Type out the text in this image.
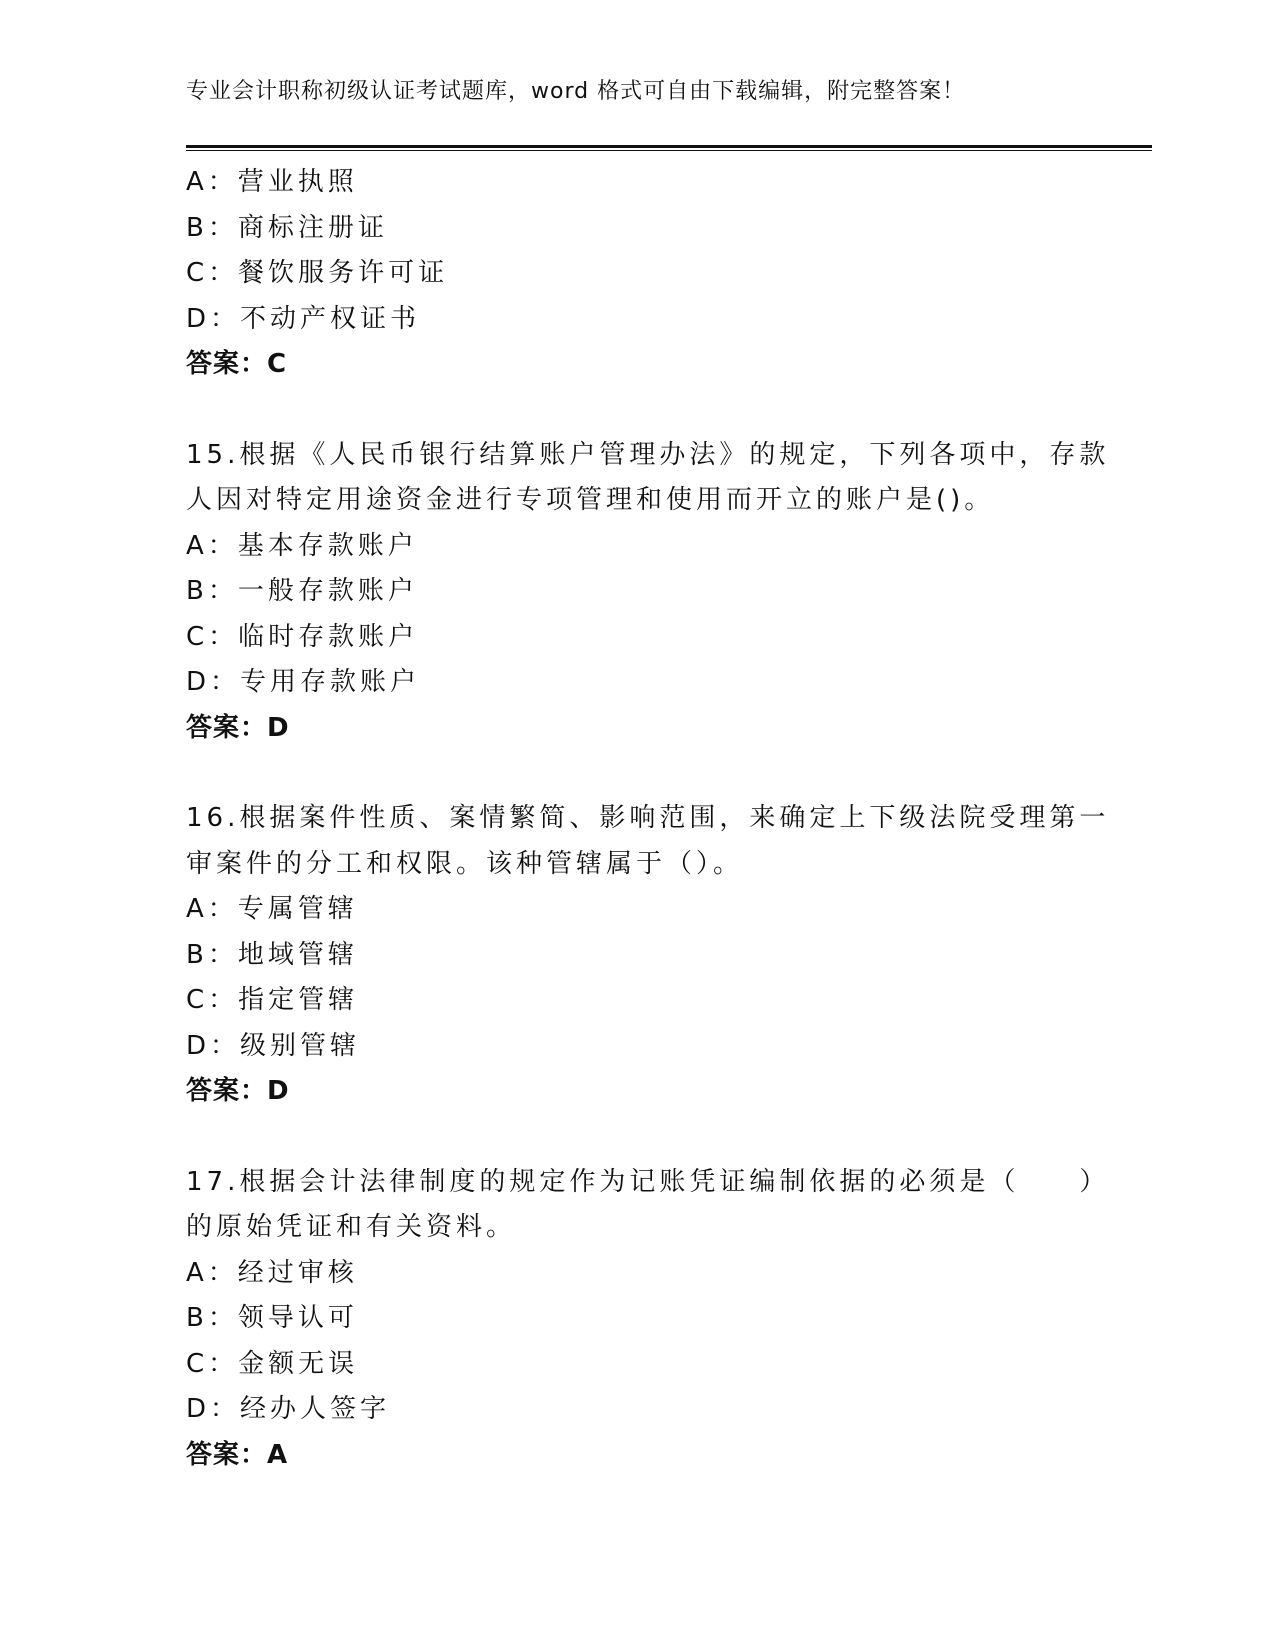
专业会计职称初级认证考试题库，word 格式可自由下载编辑，附完整答案！
A：营业执照
B：商标注册证
C：餐饮服务许可证
D：不动产权证书
答案：C
15.根据《人民币银行结算账户管理办法》的规定，下列各项中，存款
人因对特定用途资金进行专项管理和使用而开立的账户是()。
A：基本存款账户
B：一般存款账户
C：临时存款账户
D：专用存款账户
答案：D
16.根据案件性质、案情繁简、影响范围，来确定上下级法院受理第一
审案件的分工和权限。该种管辖属于（）。
A：专属管辖
B：地域管辖
C：指定管辖
D：级别管辖
答案：D
17.根据会计法律制度的规定作为记账凭证编制依据的必须是（　　）
的原始凭证和有关资料。
A：经过审核
B：领导认可
C：金额无误
D：经办人签字
答案：A
